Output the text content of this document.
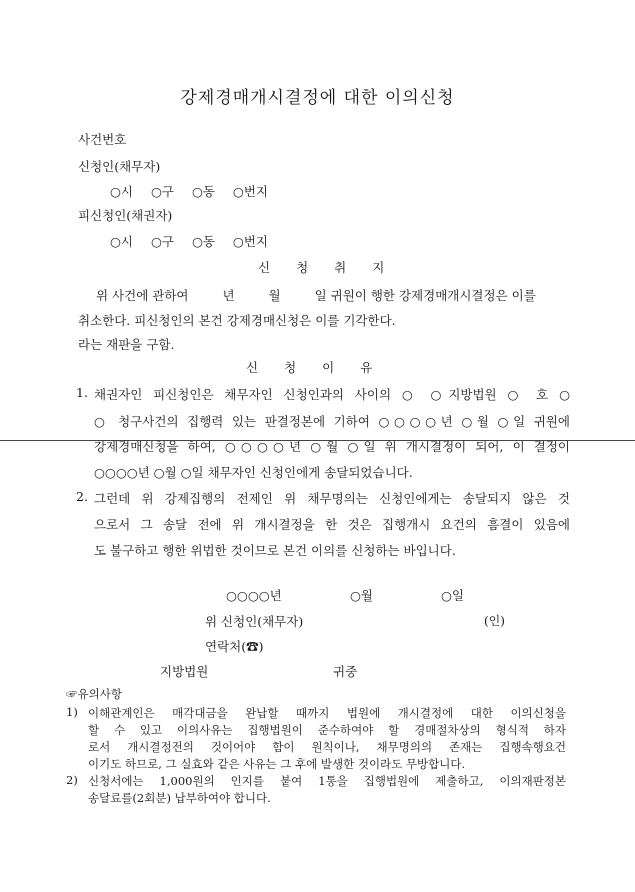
강제경매개시결정에 대한 이의신청
사건번호
신청인(채무자)
○시 ○구 ○동 ○번지
피신청인(채권자)
○시 ○구 ○동 ○번지
신청취지
위 사건에 관하여	년	월	일 귀원이 행한 강제경매개시결정은 이를
취소한다. 피신청인의 본건 강제경매신청은 이를 기각한다.
라는 재판을 구함.
신청이유
1. 채권자인 피신청인은 채무자인 신청인과의 사이의 ○ ○지방법원 ○ 호 ○
○ 청구사건의 집행력 있는 판결정본에 기하여 ○○○○년 ○월 ○일 귀원에
강제경매신청을 하여, ○○○○년 ○월 ○일 위 개시결정이 되어, 이 결정이
○○○○년 ○월 ○일 채무자인 신청인에게 송달되었습니다.
2. 그런데 위 강제집행의 전제인 위 채무명의는 신청인에게는 송달되지 않은 것
으로서 그 송달 전에 위 개시결정을 한 것은 집행개시 요건의 흠결이 있음에
도 불구하고 행한 위법한 것이므로 본건 이의를 신청하는 바입니다.
○○○○년	○월	○일
위 신청인(채무자)	(인)
연락처(☎)
지방법원	귀중
☞유의사항
1) 이해관계인은 매각대금을 완납할 때까지 법원에 개시결정에 대한 이의신청을
할 수 있고 이의사유는 집행법원이 준수하여야 할 경매절차상의 형식적 하자
로서 개시결정전의 것이어야 함이 원칙이나, 채무명의의 존재는 집행속행요건
이기도 하므로, 그 실효와 같은 사유는 그 후에 발생한 것이라도 무방합니다.
2) 신청서에는 1,000원의 인지를 붙여 1통을 집행법원에 제출하고, 이의재판정본
송달료를(2회분) 납부하여야 합니다.
